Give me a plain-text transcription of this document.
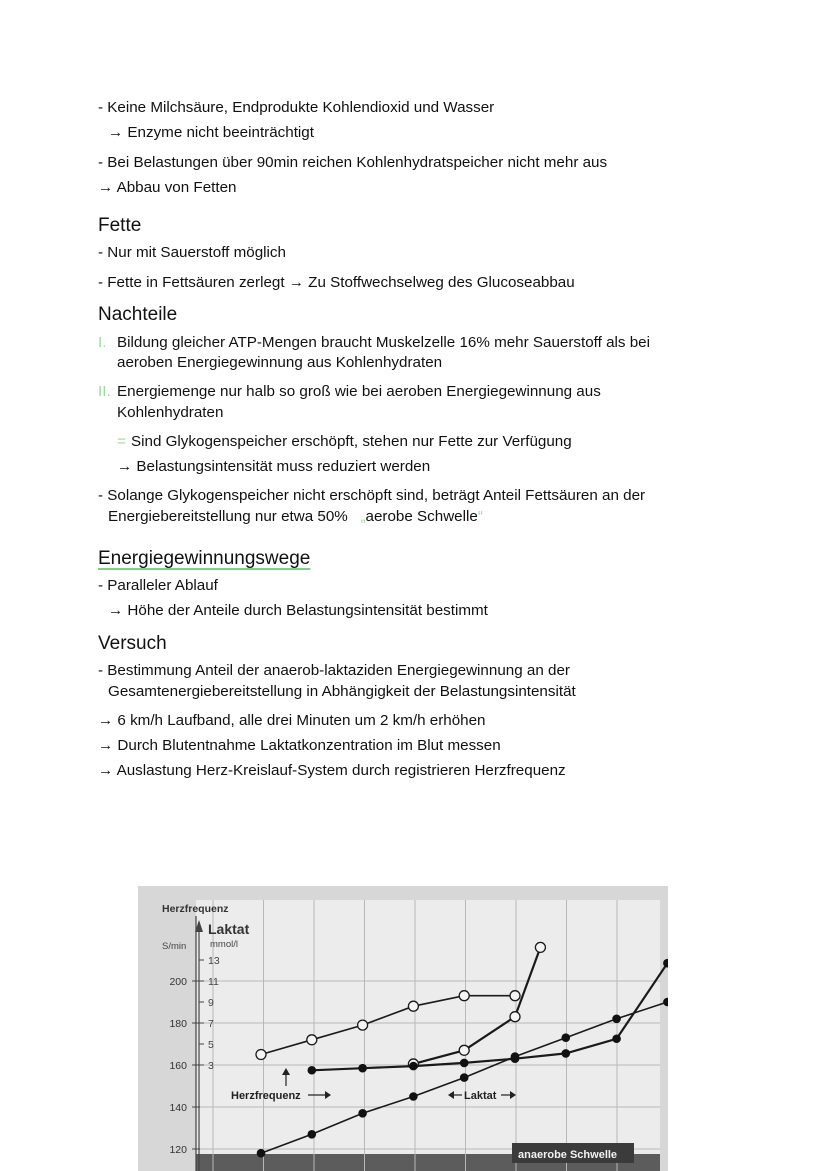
- Keine Milchsäure, Endprodukte Kohlendioxid und Wasser
→ Enzyme nicht beeinträchtigt
- Bei Belastungen über 90min reichen Kohlenhydratspeicher nicht mehr aus
→ Abbau von Fetten
Fette
- Nur mit Sauerstoff möglich
- Fette in Fettsäuren zerlegt → Zu Stoffwechselweg des Glucoseabbau
Nachteile
I. Bildung gleicher ATP-Mengen braucht Muskelzelle 16% mehr Sauerstoff als bei
aeroben Energiegewinnung aus Kohlenhydraten
II. Energiemenge nur halb so groß wie bei aeroben Energiegewinnung aus
Kohlenhydraten
= Sind Glykogenspeicher erschöpft, stehen nur Fette zur Verfügung
→ Belastungsintensität muss reduziert werden
- Solange Glykogenspeicher nicht erschöpft sind, beträgt Anteil Fettsäuren an der
Energiebereitstellung nur etwa 50% „aerobe Schwelle“
Energiegewinnungswege
- Paralleler Ablauf
→ Höhe der Anteile durch Belastungsintensität bestimmt
Versuch
- Bestimmung Anteil der anaerob-laktaziden Energiegewinnung an der
Gesamtenergiebereitstellung in Abhängigkeit der Belastungsintensität
→ 6 km/h Laufband, alle drei Minuten um 2 km/h erhöhen
→ Durch Blutentnahme Laktatkonzentration im Blut messen
→ Auslastung Herz-Kreislauf-System durch registrieren Herzfrequenz
200
180
160
140
120
Herzfrequenz
S/min
13
11
9
7
5
3
Laktat
mmol/l
Herzfrequenz	Laktat
anaerobe Schwelle
